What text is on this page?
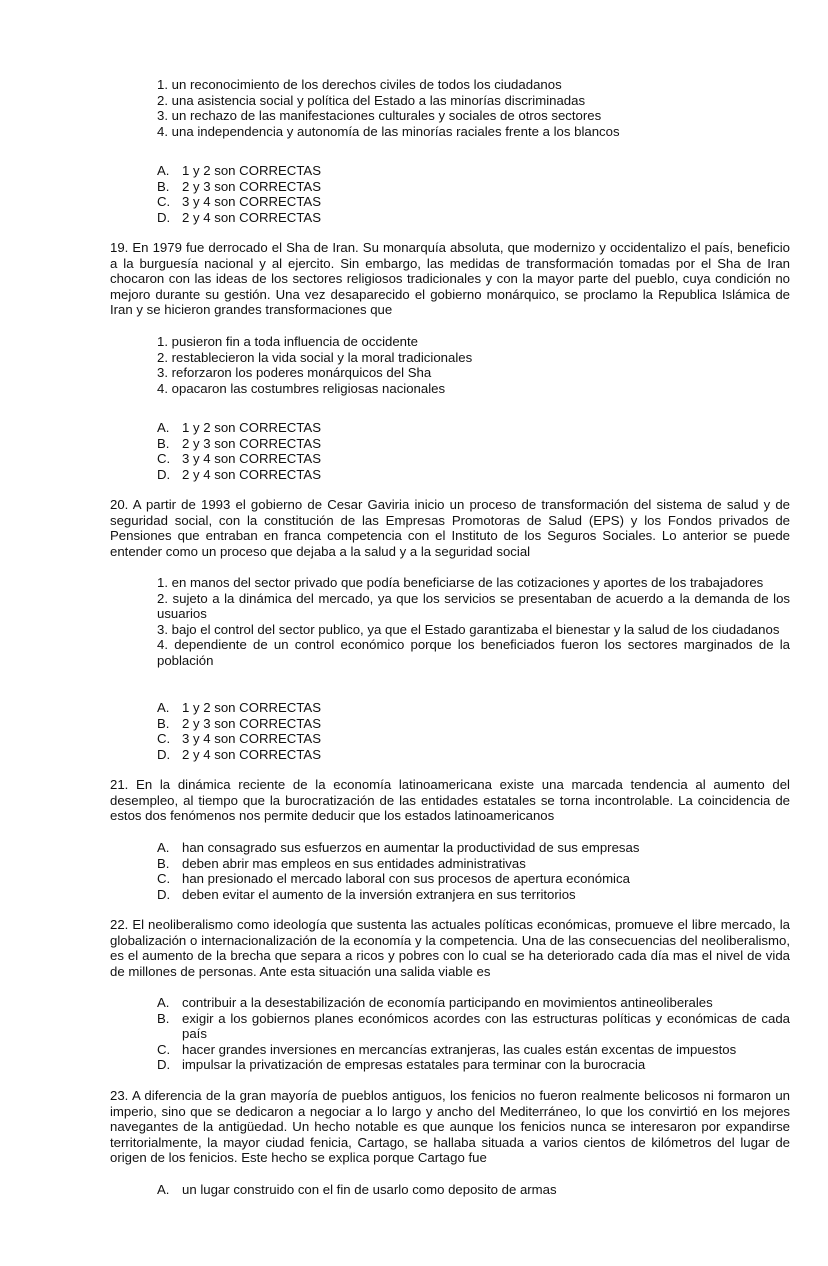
1. un reconocimiento de los derechos civiles de todos los ciudadanos
2. una asistencia social y política del Estado a las minorías discriminadas
3. un rechazo de las manifestaciones culturales y sociales de otros sectores
4. una independencia y autonomía de las minorías raciales frente a los blancos
A. 1 y 2 son CORRECTAS
B. 2 y 3 son CORRECTAS
C. 3 y 4 son CORRECTAS
D. 2 y 4 son CORRECTAS
19. En 1979 fue derrocado el Sha de Iran. Su monarquía absoluta, que modernizo y occidentalizo el país, beneficio a la burguesía nacional y al ejercito. Sin embargo, las medidas de transformación tomadas por el Sha de Iran chocaron con las ideas de los sectores religiosos tradicionales y con la mayor parte del pueblo, cuya condición no mejoro durante su gestión. Una vez desaparecido el gobierno monárquico, se proclamo la Republica Islámica de Iran y se hicieron grandes transformaciones que
1. pusieron fin a toda influencia de occidente
2. restablecieron la vida social y la moral tradicionales
3. reforzaron los poderes monárquicos del Sha
4. opacaron las costumbres religiosas nacionales
A. 1 y 2 son CORRECTAS
B. 2 y 3 son CORRECTAS
C. 3 y 4 son CORRECTAS
D. 2 y 4 son CORRECTAS
20. A partir de 1993 el gobierno de Cesar Gaviria inicio un proceso de transformación del sistema de salud y de seguridad social, con la constitución de las Empresas Promotoras de Salud (EPS) y los Fondos privados de Pensiones que entraban en franca competencia con el Instituto de los Seguros Sociales. Lo anterior se puede entender como un proceso que dejaba a la salud y a la seguridad social
1. en manos del sector privado que podía beneficiarse de las cotizaciones y aportes de los trabajadores
2. sujeto a la dinámica del mercado, ya que los servicios se presentaban de acuerdo a la demanda de los usuarios
3. bajo el control del sector publico, ya que el Estado garantizaba el bienestar y la salud de los ciudadanos
4. dependiente de un control económico porque los beneficiados fueron los sectores marginados de la población
A. 1 y 2 son CORRECTAS
B. 2 y 3 son CORRECTAS
C. 3 y 4 son CORRECTAS
D. 2 y 4 son CORRECTAS
21. En la dinámica reciente de la economía latinoamericana existe una marcada tendencia al aumento del desempleo, al tiempo que la burocratización de las entidades estatales se torna incontrolable. La coincidencia de estos dos fenómenos nos permite deducir que los estados latinoamericanos
A. han consagrado sus esfuerzos en aumentar la productividad de sus empresas
B. deben abrir mas empleos en sus entidades administrativas
C. han presionado el mercado laboral con sus procesos de apertura económica
D. deben evitar el aumento de la inversión extranjera en sus territorios
22. El neoliberalismo como ideología que sustenta las actuales políticas económicas, promueve el libre mercado, la globalización o internacionalización de la economía y la competencia. Una de las consecuencias del neoliberalismo, es el aumento de la brecha que separa a ricos y pobres con lo cual se ha deteriorado cada día mas el nivel de vida de millones de personas. Ante esta situación una salida viable es
A. contribuir a la desestabilización de economía participando en movimientos antineoliberales
B. exigir a los gobiernos planes económicos acordes con las estructuras políticas y económicas de cada país
C. hacer grandes inversiones en mercancías extranjeras, las cuales están excentas de impuestos
D. impulsar la privatización de empresas estatales para terminar con la burocracia
23. A diferencia de la gran mayoría de pueblos antiguos, los fenicios no fueron realmente belicosos ni formaron un imperio, sino que se dedicaron a negociar a lo largo y ancho del Mediterráneo, lo que los convirtió en los mejores navegantes de la antigüedad. Un hecho notable es que aunque los fenicios nunca se interesaron por expandirse territorialmente, la mayor ciudad fenicia, Cartago, se hallaba situada a varios cientos de kilómetros del lugar de origen de los fenicios. Este hecho se explica porque Cartago fue
A. un lugar construido con el fin de usarlo como deposito de armas
